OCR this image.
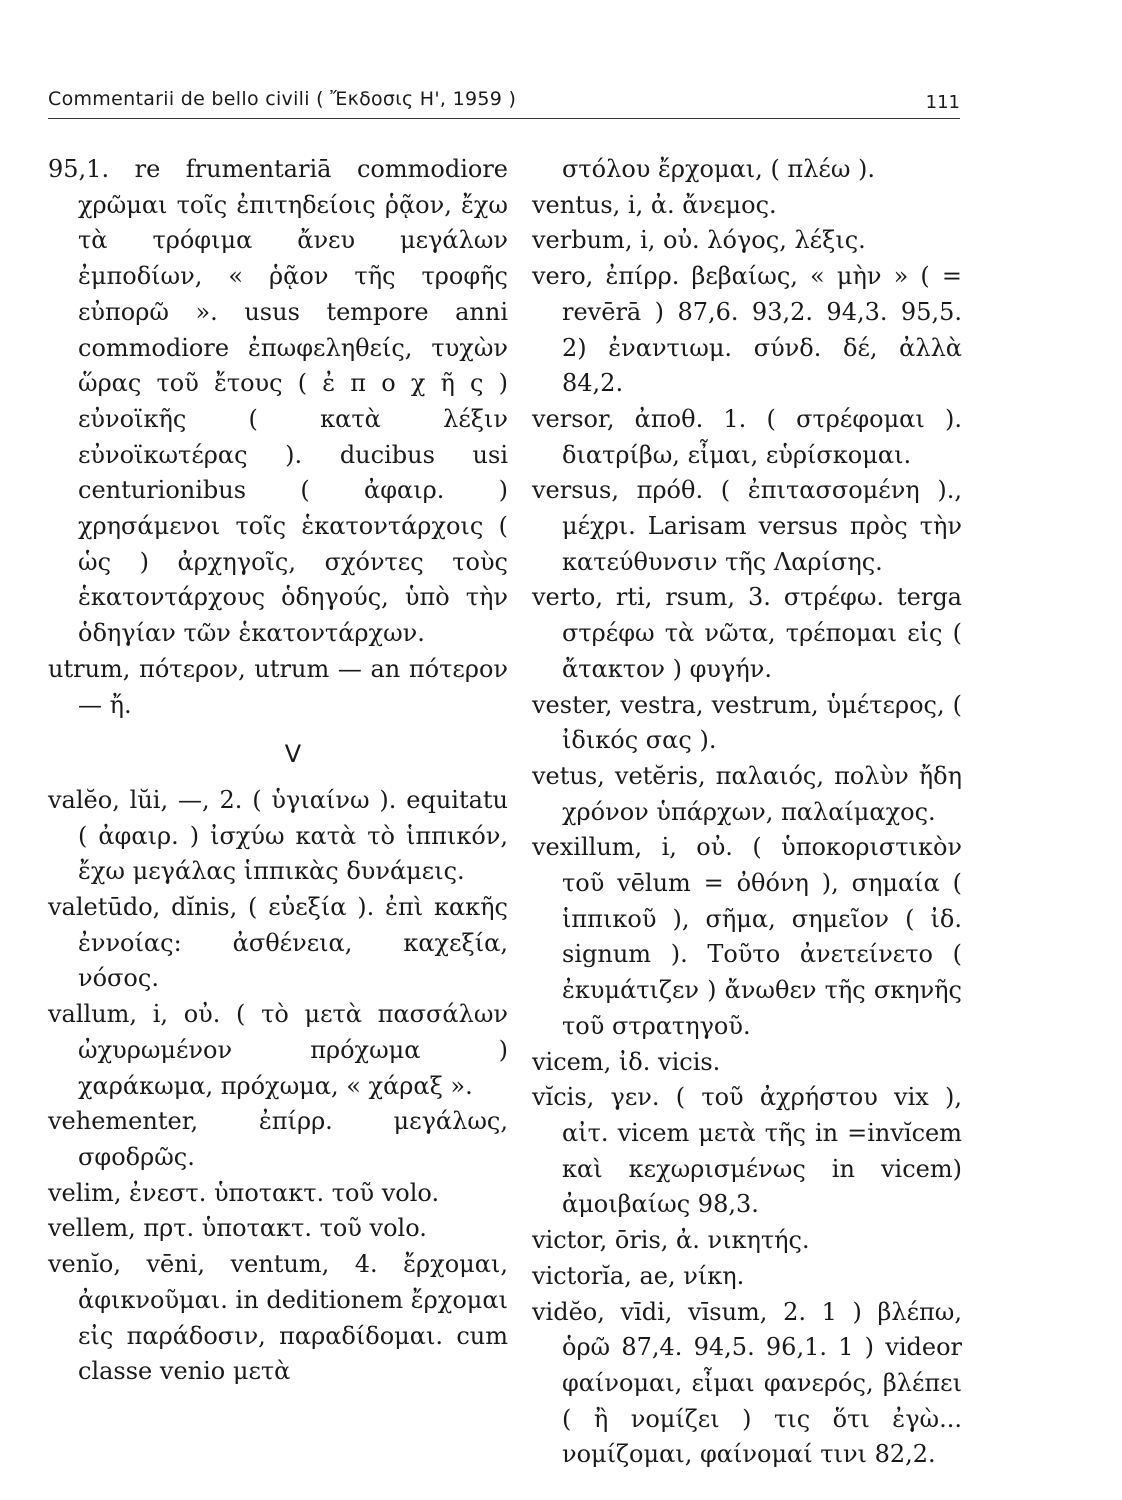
Commentarii de bello civili ( Ἔκδοσις Η', 1959 )	111

95,1. re frumentariā commodiore χρῶμαι τοῖς ἐπιτηδείοις ῥᾷον, ἔχω τὰ τρόφιμα ἄνευ μεγάλων ἐμποδίων, « ῥᾷον τῆς τροφῆς εὐπορῶ ». usus tempore anni commodiore ἐπωφεληθείς, τυχὼν ὥρας τοῦ ἔτους ( ἐ π ο χ ῆ ς ) εὐνοϊκῆς ( κατὰ λέξιν εὐνοϊκωτέρας ). ducibus usi centurionibus ( ἀφαιρ. ) χρησάμενοι τοῖς ἑκατοντάρχοις ( ὡς ) ἀρχηγοῖς, σχόντες τοὺς ἑκατοντάρχους ὁδηγούς, ὑπὸ τὴν ὁδηγίαν τῶν ἑκατοντάρχων.

utrum, πότερον, utrum — an πότερον — ἤ.

V

valĕo, lŭi, —, 2. ( ὑγιαίνω ). equitatu ( ἀφαιρ. ) ἰσχύω κατὰ τὸ ἱππικόν, ἔχω μεγάλας ἱππικὰς δυνάμεις.

valetūdo, dĭnis, ( εὐεξία ). ἐπὶ κακῆς ἐννοίας: ἀσθένεια, καχεξία, νόσος.

vallum, i, οὐ. ( τὸ μετὰ πασσάλων ὠχυρωμένον πρόχωμα ) χαράκωμα, πρόχωμα, « χάραξ ».

vehementer, ἐπίρρ. μεγάλως, σφοδρῶς.

velim, ἐνεστ. ὑποτακτ. τοῦ volo.

vellem, πρτ. ὑποτακτ. τοῦ volo.

venĭo, vēni, ventum, 4. ἔρχομαι, ἀφικνοῦμαι. in deditionem ἔρχομαι εἰς παράδοσιν, παραδίδομαι. cum classe venio μετὰ

στόλου ἔρχομαι, ( πλέω ).

ventus, i, ἀ. ἄνεμος.

verbum, i, οὐ. λόγος, λέξις.

vero, ἐπίρρ. βεβαίως, « μὴν » ( = revērā ) 87,6. 93,2. 94,3. 95,5. 2) ἐναντιωμ. σύνδ. δέ, ἀλλὰ 84,2.

versor, ἀποθ. 1. ( στρέφομαι ). διατρίβω, εἶμαι, εὑρίσκομαι.

versus, πρόθ. ( ἐπιτασσομένη )., μέχρι. Larisam versus πρὸς τὴν κατεύθυνσιν τῆς Λαρίσης.

verto, rti, rsum, 3. στρέφω. terga στρέφω τὰ νῶτα, τρέπομαι εἰς ( ἄτακτον ) φυγήν.

vester, vestra, vestrum, ὑμέτερος, ( ἰδικός σας ).

vetus, vetĕris, παλαιός, πολὺν ἤδη χρόνον ὑπάρχων, παλαίμαχος.

vexillum, i, οὐ. ( ὑποκοριστικὸν τοῦ vēlum = ὀθόνη ), σημαία ( ἱππικοῦ ), σῆμα, σημεῖον ( ἰδ. signum ). Τοῦτο ἀνετείνετο ( ἐκυμάτιζεν ) ἄνωθεν τῆς σκηνῆς τοῦ στρατηγοῦ.

vicem, ἰδ. vicis.

vĭcis, γεν. ( τοῦ ἀχρήστου vix ), αἰτ. vicem μετὰ τῆς in =invĭcem καὶ κεχωρισμένως in vicem) ἀμοιβαίως 98,3.

victor, ōris, ἀ. νικητής.

victorĭa, ae, νίκη.

vidĕo, vīdi, vīsum, 2. 1 ) βλέπω, ὁρῶ 87,4. 94,5. 96,1. 1 ) videor φαίνομαι, εἶμαι φανερός, βλέπει ( ἢ νομίζει ) τις ὅτι ἐγὼ... νομίζομαι, φαίνομαί τινι 82,2.
